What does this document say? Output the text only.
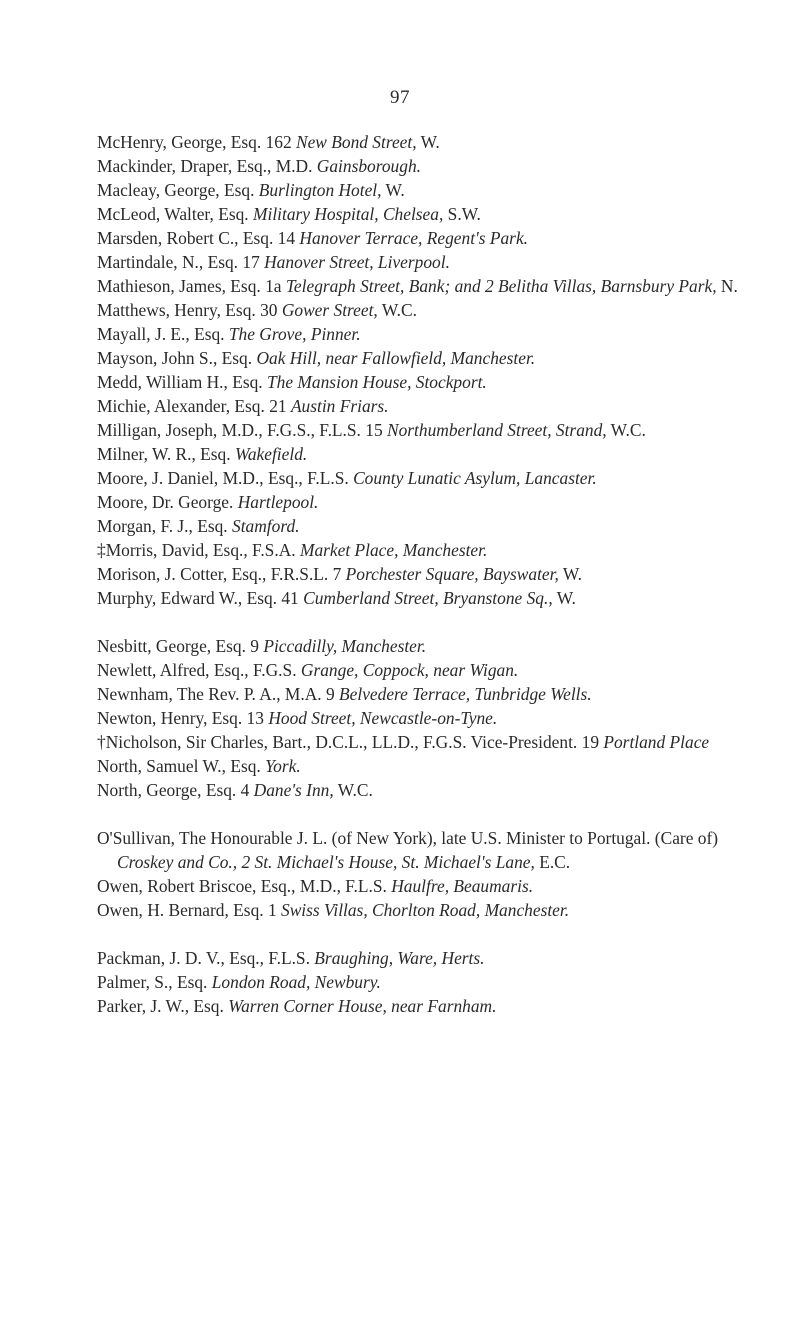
97

McHenry, George, Esq. 162 New Bond Street, W.

Mackinder, Draper, Esq., M.D. Gainsborough.

Macleay, George, Esq. Burlington Hotel, W.

McLeod, Walter, Esq. Military Hospital, Chelsea, S.W.

Marsden, Robert C., Esq. 14 Hanover Terrace, Regent's Park.

Martindale, N., Esq. 17 Hanover Street, Liverpool.

Mathieson, James, Esq. 1a Telegraph Street, Bank; and 2 Belitha Villas, Barnsbury Park, N.

Matthews, Henry, Esq. 30 Gower Street, W.C.

Mayall, J. E., Esq. The Grove, Pinner.

Mayson, John S., Esq. Oak Hill, near Fallowfield, Manchester.

Medd, William H., Esq. The Mansion House, Stockport.

Michie, Alexander, Esq. 21 Austin Friars.

Milligan, Joseph, M.D., F.G.S., F.L.S. 15 Northumberland Street, Strand, W.C.

Milner, W. R., Esq. Wakefield.

Moore, J. Daniel, M.D., Esq., F.L.S. County Lunatic Asylum, Lancaster.

Moore, Dr. George. Hartlepool.

Morgan, F. J., Esq. Stamford.

‡Morris, David, Esq., F.S.A. Market Place, Manchester.

Morison, J. Cotter, Esq., F.R.S.L. 7 Porchester Square, Bayswater, W.

Murphy, Edward W., Esq. 41 Cumberland Street, Bryanstone Sq., W.

Nesbitt, George, Esq. 9 Piccadilly, Manchester.

Newlett, Alfred, Esq., F.G.S. Grange, Coppock, near Wigan.

Newnham, The Rev. P. A., M.A. 9 Belvedere Terrace, Tunbridge Wells.

Newton, Henry, Esq. 13 Hood Street, Newcastle-on-Tyne.

†Nicholson, Sir Charles, Bart., D.C.L., LL.D., F.G.S. Vice-President. 19 Portland Place

North, Samuel W., Esq. York.

North, George, Esq. 4 Dane's Inn, W.C.

O'Sullivan, The Honourable J. L. (of New York), late U.S. Minister to Portugal. (Care of) Croskey and Co., 2 St. Michael's House, St. Michael's Lane, E.C.

Owen, Robert Briscoe, Esq., M.D., F.L.S. Haulfre, Beaumaris.

Owen, H. Bernard, Esq. 1 Swiss Villas, Chorlton Road, Manchester.

Packman, J. D. V., Esq., F.L.S. Braughing, Ware, Herts.

Palmer, S., Esq. London Road, Newbury.

Parker, J. W., Esq. Warren Corner House, near Farnham.
